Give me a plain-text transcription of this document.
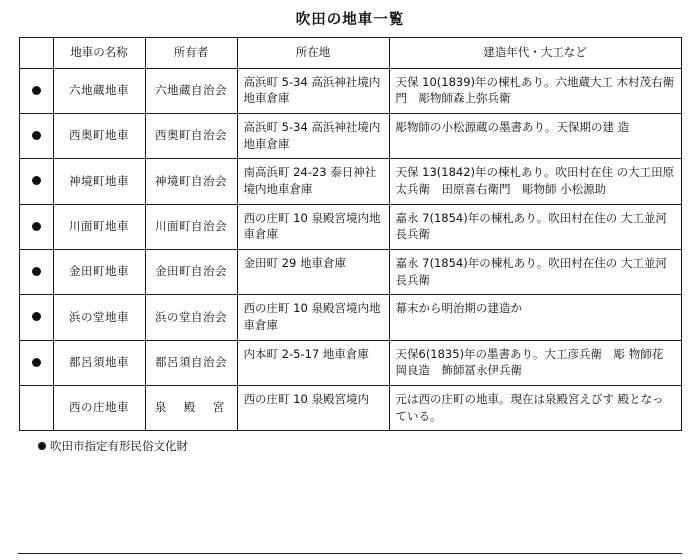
吹田の地車一覧
	地車の名称	所有者	所在地	建造年代・大工など
	六地蔵地車	六地蔵自治会	高浜町 5-34 高浜神社境内地車倉庫	天保 10(1839)年の棟札あり。六地蔵大工 木村茂右衛門　彫物師森上弥兵衛
	西奥町地車	西奥町自治会	高浜町 5-34 高浜神社境内地車倉庫	彫物師の小松源蔵の墨書あり。天保期の建 造
	神境町地車	神境町自治会	南高浜町 24-23 泰日神社境内地車倉庫	天保 13(1842)年の棟札あり。吹田村在住 の大工田原太兵衛　田原喜右衛門　彫物師 小松源助
	川面町地車	川面町自治会	西の庄町 10 泉殿宮境内地車倉庫	嘉永 7(1854)年の棟札あり。吹田村在住の 大工並河長兵衛
	金田町地車	金田町自治会	金田町 29 地車倉庫	嘉永 7(1854)年の棟札あり。吹田村在住の 大工並河長兵衛
	浜の堂地車	浜の堂自治会	西の庄町 10 泉殿宮境内地車倉庫	幕末から明治期の建造か
	都呂須地車	都呂須自治会	内本町 2-5-17 地車倉庫	天保6(1835)年の墨書あり。大工彦兵衛　彫 物師花岡良造　飾師冨永伊兵衛
	西の庄地車	泉　殿　宮	西の庄町 10 泉殿宮境内	元は西の庄町の地車。現在は泉殿宮えびす 殿となっている。
吹田市指定有形民俗文化財
